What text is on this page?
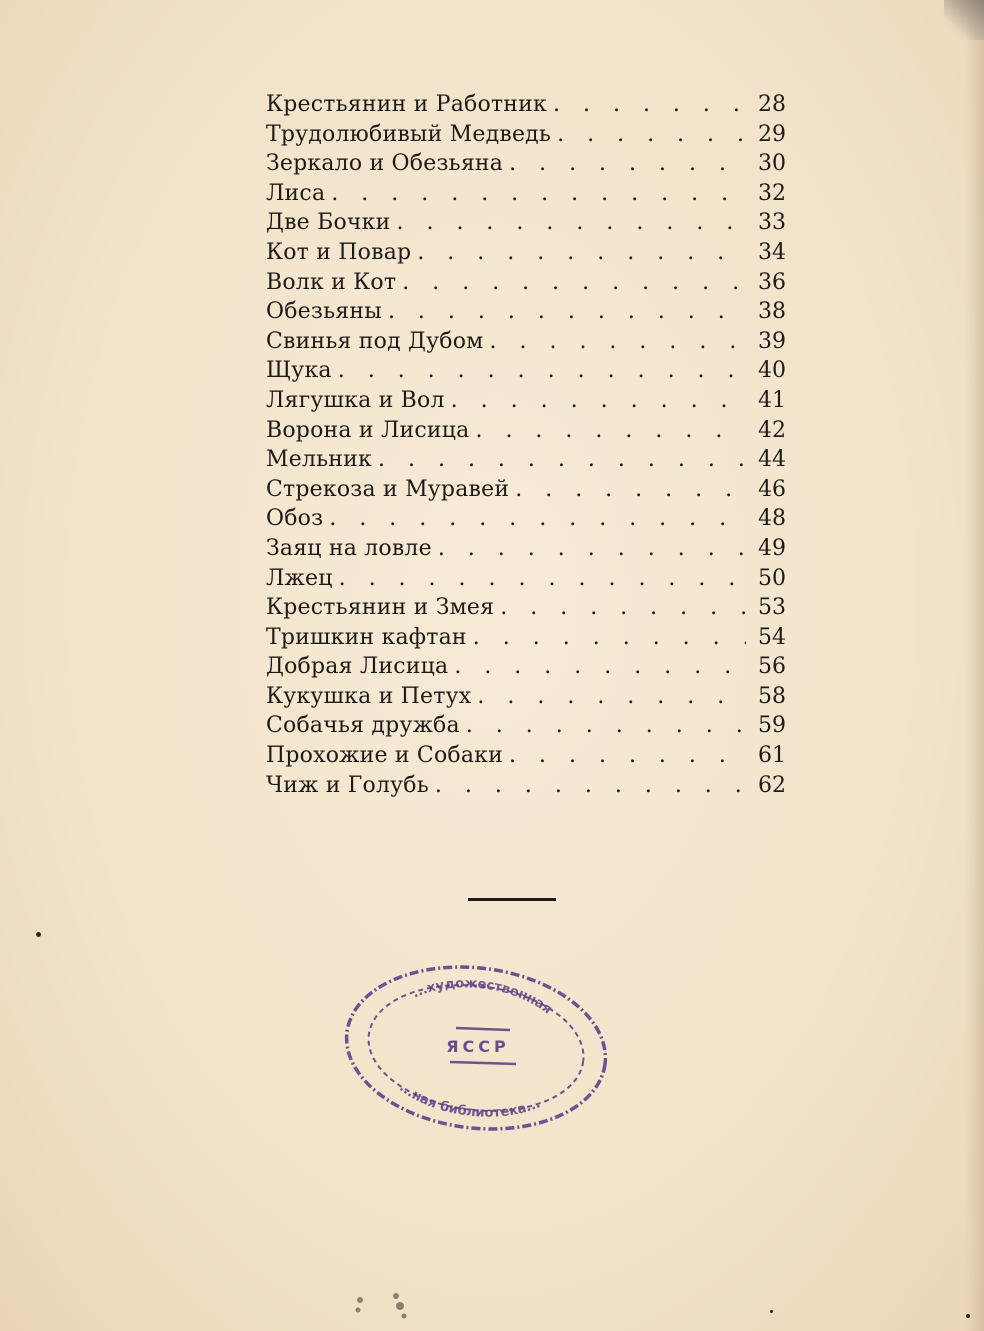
Крестьянин и Работник . . .	28
Трудолюбивый Медведь . . .	29
Зеркало и Обезьяна . . .	30
Лиса . . .	32
Две Бочки . . .	33
Кот и Повар . . .	34
Волк и Кот . . .	36
Обезьяны . . .	38
Свинья под Дубом . . .	39
Щука . . .	40
Лягушка и Вол . . .	41
Ворона и Лисица . . .	42
Мельник . . .	44
Стрекоза и Муравей . . .	46
Обоз . . .	48
Заяц на ловле . . .	49
Лжец . . .	50
Крестьянин и Змея . . .	53
Тришкин кафтан . . .	54
Добрая Лисица . . .	56
Кукушка и Петух . . .	58
Собачья дружба . . .	59
Прохожие и Собаки . . .	61
Чиж и Голубь . . .	62
...художественная
ЯССР
...ная библиотека...
